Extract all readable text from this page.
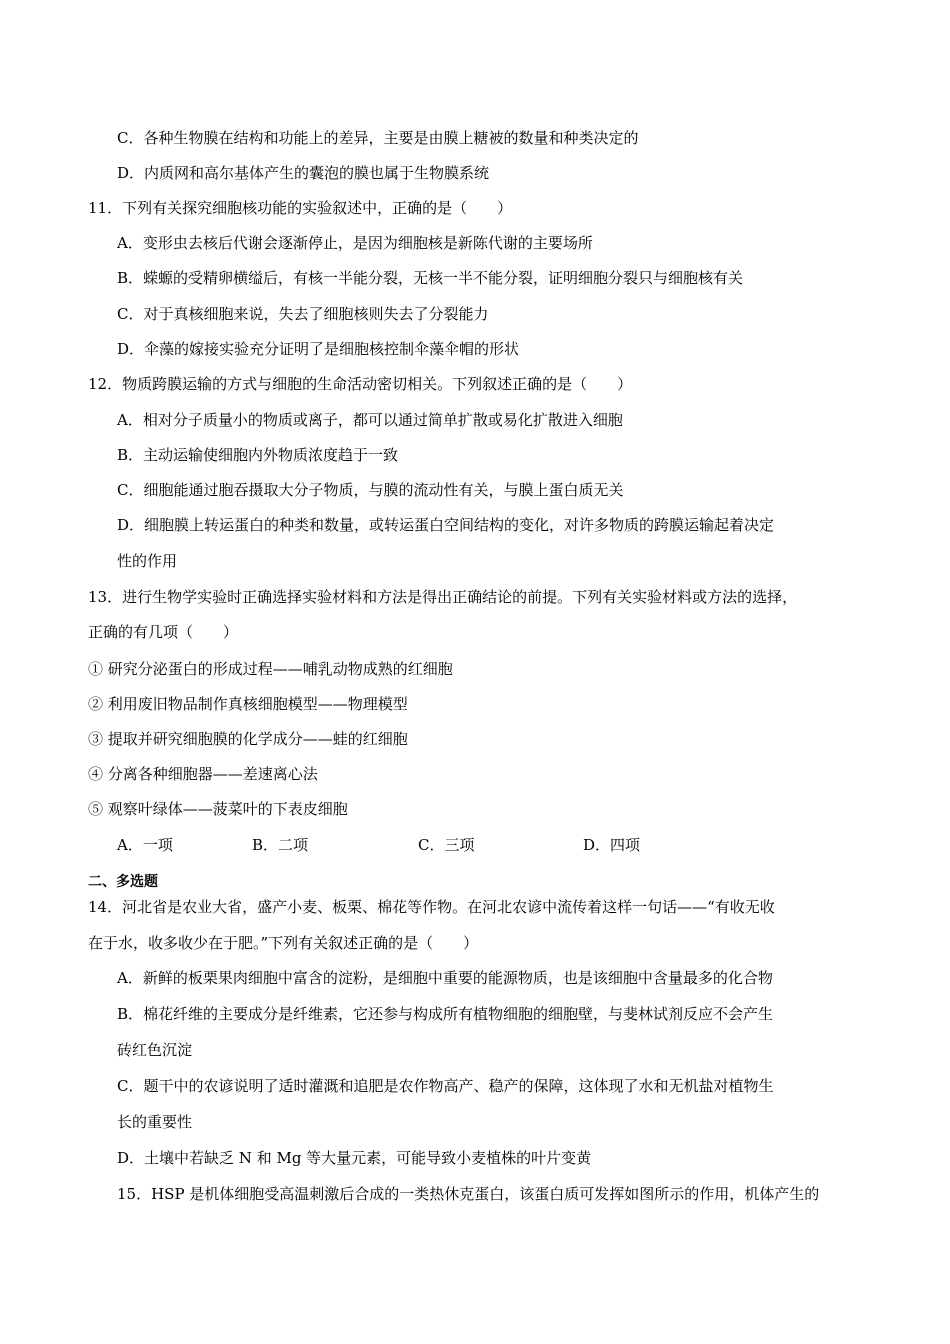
C．各种生物膜在结构和功能上的差异，主要是由膜上糖被的数量和种类决定的
D．内质网和高尔基体产生的囊泡的膜也属于生物膜系统
11．下列有关探究细胞核功能的实验叙述中，正确的是（　　）
A．变形虫去核后代谢会逐渐停止，是因为细胞核是新陈代谢的主要场所
B．蝾螈的受精卵横缢后，有核一半能分裂，无核一半不能分裂，证明细胞分裂只与细胞核有关
C．对于真核细胞来说，失去了细胞核则失去了分裂能力
D．伞藻的嫁接实验充分证明了是细胞核控制伞藻伞帽的形状
12．物质跨膜运输的方式与细胞的生命活动密切相关。下列叙述正确的是（　　）
A．相对分子质量小的物质或离子，都可以通过简单扩散或易化扩散进入细胞
B．主动运输使细胞内外物质浓度趋于一致
C．细胞能通过胞吞摄取大分子物质，与膜的流动性有关，与膜上蛋白质无关
D．细胞膜上转运蛋白的种类和数量，或转运蛋白空间结构的变化，对许多物质的跨膜运输起着决定
性的作用
13．进行生物学实验时正确选择实验材料和方法是得出正确结论的前提。下列有关实验材料或方法的选择，
正确的有几项（　　）
① 研究分泌蛋白的形成过程——哺乳动物成熟的红细胞
② 利用废旧物品制作真核细胞模型——物理模型
③ 提取并研究细胞膜的化学成分——蛙的红细胞
④ 分离各种细胞器——差速离心法
⑤ 观察叶绿体——菠菜叶的下表皮细胞
A．一项	B．二项	C．三项	D．四项
二、多选题
14．河北省是农业大省，盛产小麦、板栗、棉花等作物。在河北农谚中流传着这样一句话——“有收无收
在于水，收多收少在于肥。”下列有关叙述正确的是（　　）
A．新鲜的板栗果肉细胞中富含的淀粉，是细胞中重要的能源物质，也是该细胞中含量最多的化合物
B．棉花纤维的主要成分是纤维素，它还参与构成所有植物细胞的细胞壁，与斐林试剂反应不会产生
砖红色沉淀
C．题干中的农谚说明了适时灌溉和追肥是农作物高产、稳产的保障，这体现了水和无机盐对植物生
长的重要性
D．土壤中若缺乏 N 和 Mg 等大量元素，可能导致小麦植株的叶片变黄
15．HSP 是机体细胞受高温刺激后合成的一类热休克蛋白，该蛋白质可发挥如图所示的作用，机体产生的
